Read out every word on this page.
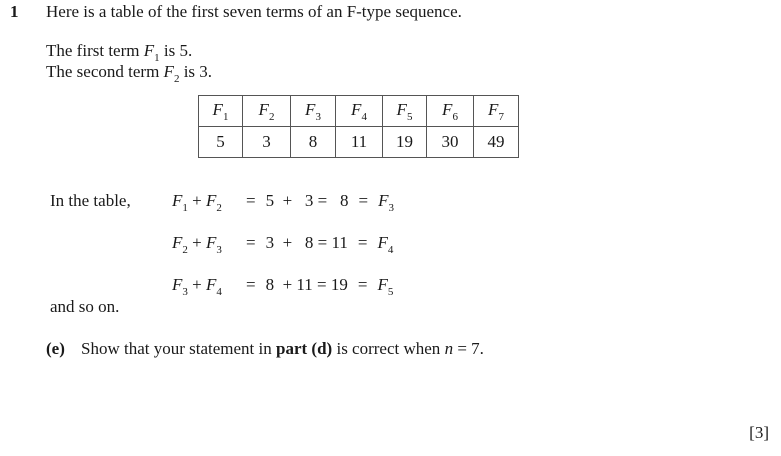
1 Here is a table of the first seven terms of an F-type sequence.
The first term $F_1$ is 5.
The second term $F_2$ is 3.
$F_1$	$F_2$	$F_3$	$F_4$	$F_5$	$F_6$	$F_7$
5	3	8	11	19	30	49
In the table, $F_1 + F_2 = 5 + 3 = 8 = F_3$
$F_2 + F_3 = 3 + 8 = 11 = F_4$
$F_3 + F_4 = 8 + 11 = 19 = F_5$
and so on.
(e) Show that your statement in part (d) is correct when n = 7.
[3]
